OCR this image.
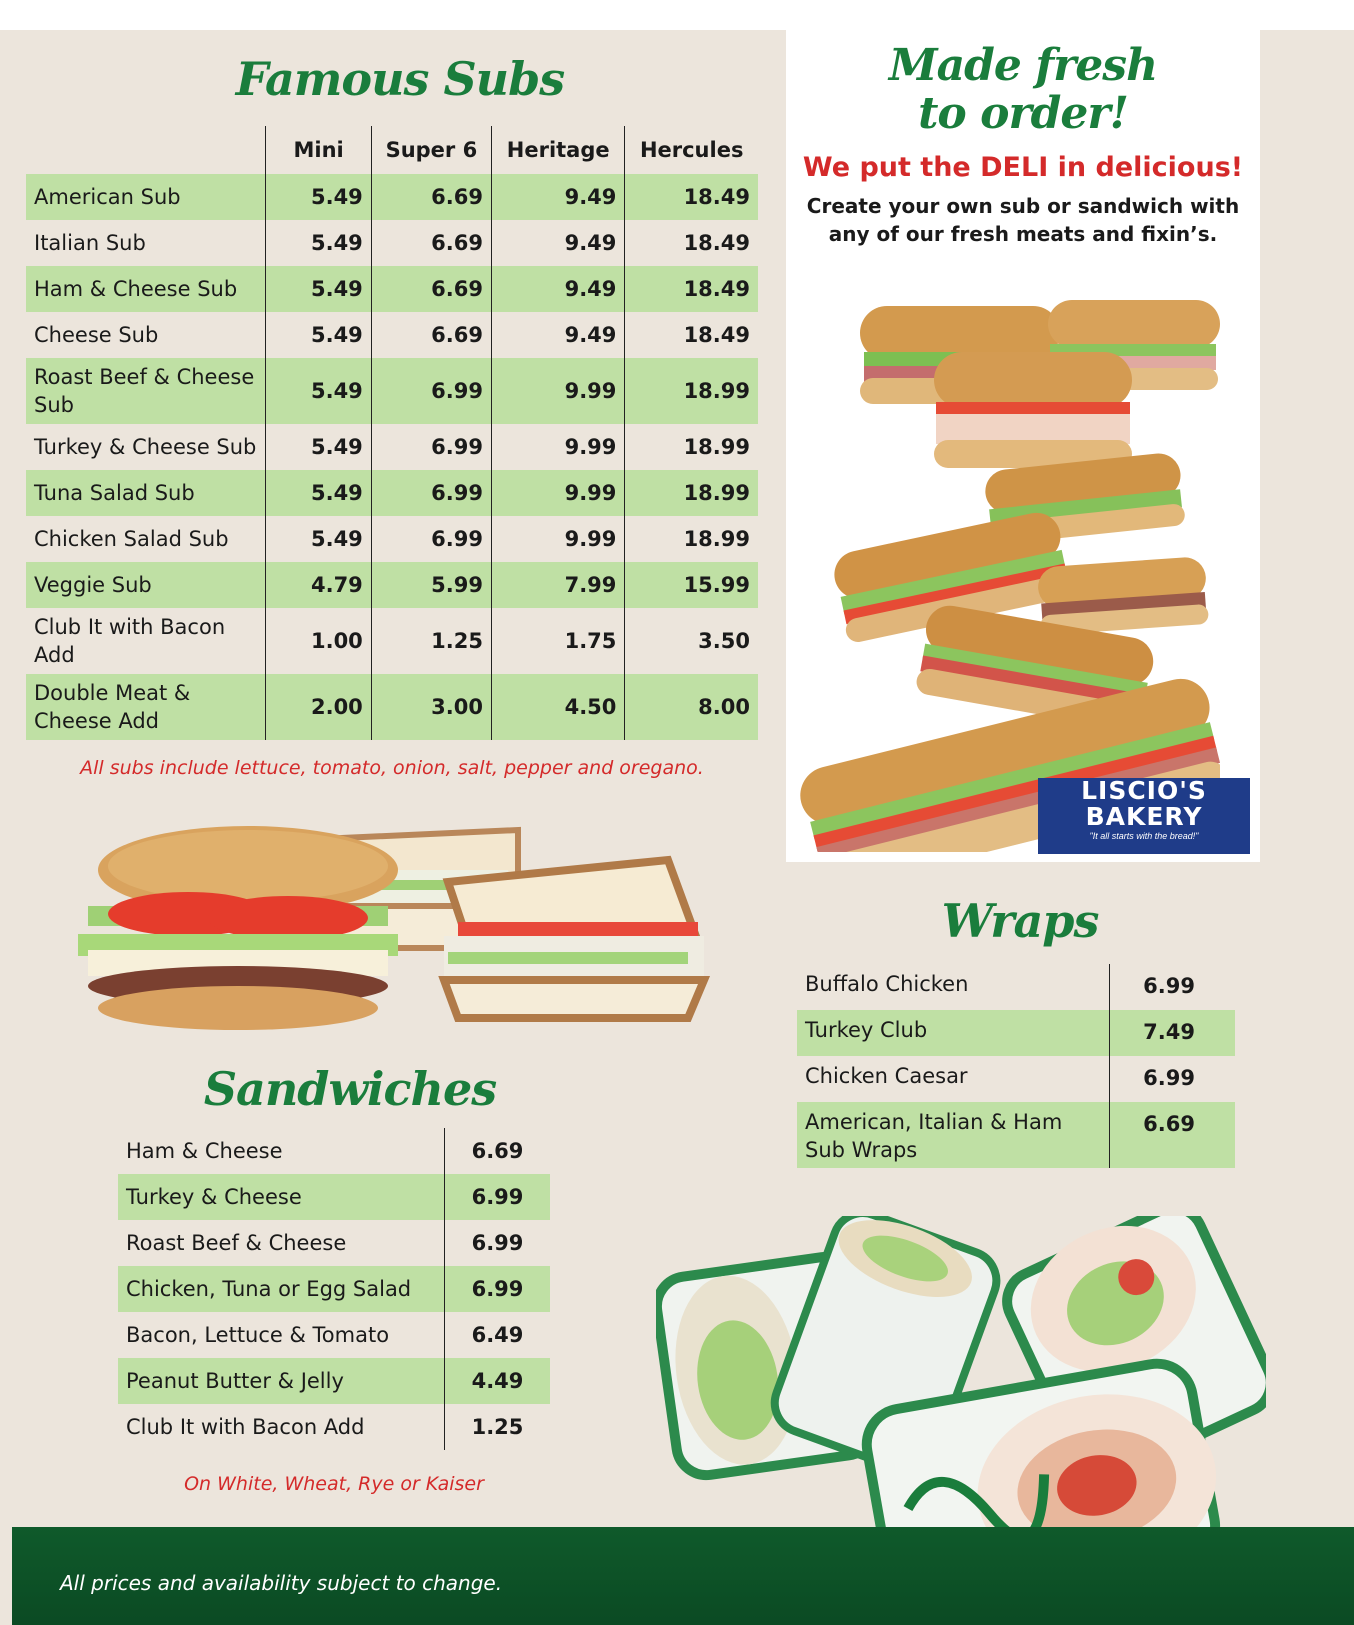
Famous Subs
	Mini	Super 6	Heritage	Hercules
American Sub	5.49	6.69	9.49	18.49
Italian Sub	5.49	6.69	9.49	18.49
Ham & Cheese Sub	5.49	6.69	9.49	18.49
Cheese Sub	5.49	6.69	9.49	18.49
Roast Beef & Cheese Sub	5.49	6.99	9.99	18.99
Turkey & Cheese Sub	5.49	6.99	9.99	18.99
Tuna Salad Sub	5.49	6.99	9.99	18.99
Chicken Salad Sub	5.49	6.99	9.99	18.99
Veggie Sub	4.79	5.99	7.99	15.99
Club It with Bacon Add	1.00	1.25	1.75	3.50
Double Meat & Cheese Add	2.00	3.00	4.50	8.00
All subs include lettuce, tomato, onion, salt, pepper and oregano.
Made fresh
to order!
We put the DELI in delicious!
Create your own sub or sandwich with any of our fresh meats and fixin’s.
LISCIO'S
BAKERY
"It all starts with the bread!"
Sandwiches
Ham & Cheese	6.69
Turkey & Cheese	6.99
Roast Beef & Cheese	6.99
Chicken, Tuna or Egg Salad	6.99
Bacon, Lettuce & Tomato	6.49
Peanut Butter & Jelly	4.49
Club It with Bacon Add	1.25
On White, Wheat, Rye or Kaiser
Wraps
Buffalo Chicken	6.99
Turkey Club	7.49
Chicken Caesar	6.99
American, Italian & Ham Sub Wraps	6.69
All prices and availability subject to change.
